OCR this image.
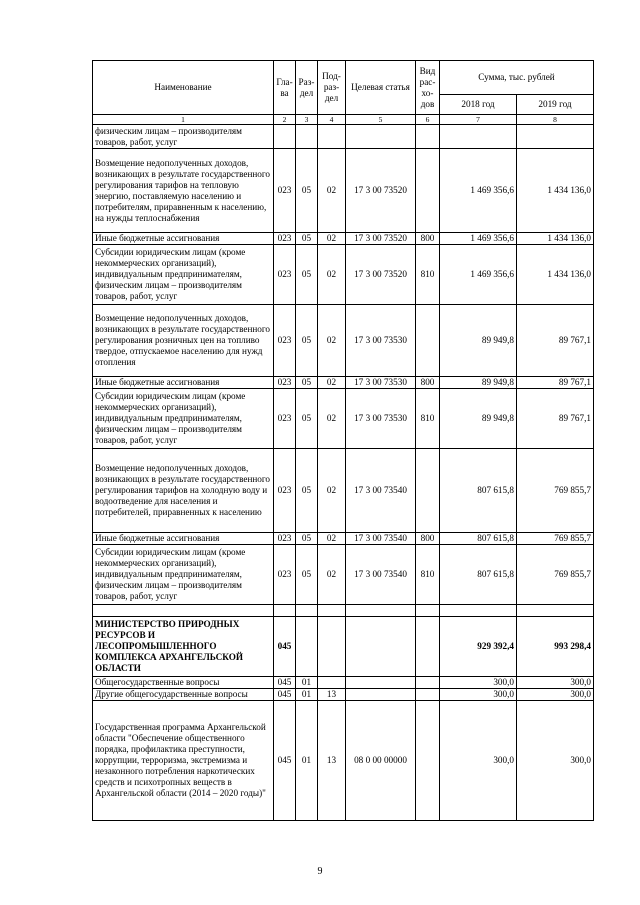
Наименование	Гла-ва	Раз-дел	Под-раз-дел	Целевая статья	Вид рас-хо-дов	Сумма, тыс. рублей	
						2018 год	2019 год
1	2	3	4	5	6	7	8
физическим лицам – производителям товаров, работ, услуг							
Возмещение недополученных доходов, возникающих в результате государственного регулирования тарифов на тепловую энергию, поставляемую населению и потребителям, приравненным к населению, на нужды теплоснабжения	023	05	02	17 3 00 73520		1 469 356,6	1 434 136,0
Иные бюджетные ассигнования	023	05	02	17 3 00 73520	800	1 469 356,6	1 434 136,0
Субсидии юридическим лицам (кроме некоммерческих организаций), индивидуальным предпринимателям, физическим лицам – производителям товаров, работ, услуг	023	05	02	17 3 00 73520	810	1 469 356,6	1 434 136,0
Возмещение недополученных доходов, возникающих в результате государственного регулирования розничных цен на топливо твердое, отпускаемое населению для нужд отопления	023	05	02	17 3 00 73530		89 949,8	89 767,1
Иные бюджетные ассигнования	023	05	02	17 3 00 73530	800	89 949,8	89 767,1
Субсидии юридическим лицам (кроме некоммерческих организаций), индивидуальным предпринимателям, физическим лицам – производителям товаров, работ, услуг	023	05	02	17 3 00 73530	810	89 949,8	89 767,1
Возмещение недополученных доходов, возникающих в результате государственного регулирования тарифов на холодную воду и водоотведение для населения и потребителей, приравненных к населению	023	05	02	17 3 00 73540		807 615,8	769 855,7
Иные бюджетные ассигнования	023	05	02	17 3 00 73540	800	807 615,8	769 855,7
Субсидии юридическим лицам (кроме некоммерческих организаций), индивидуальным предпринимателям, физическим лицам – производителям товаров, работ, услуг	023	05	02	17 3 00 73540	810	807 615,8	769 855,7

МИНИСТЕРСТВО ПРИРОДНЫХ РЕСУРСОВ И ЛЕСОПРОМЫШЛЕННОГО КОМПЛЕКСА АРХАНГЕЛЬСКОЙ ОБЛАСТИ	045					929 392,4	993 298,4
Общегосударственные вопросы	045	01				300,0	300,0
Другие общегосударственные вопросы	045	01	13			300,0	300,0
Государственная программа Архангельской области "Обеспечение общественного порядка, профилактика преступности, коррупции, терроризма, экстремизма и незаконного потребления наркотических средств и психотропных веществ в Архангельской области (2014 – 2020 годы)"	045	01	13	08 0 00 00000		300,0	300,0
9
